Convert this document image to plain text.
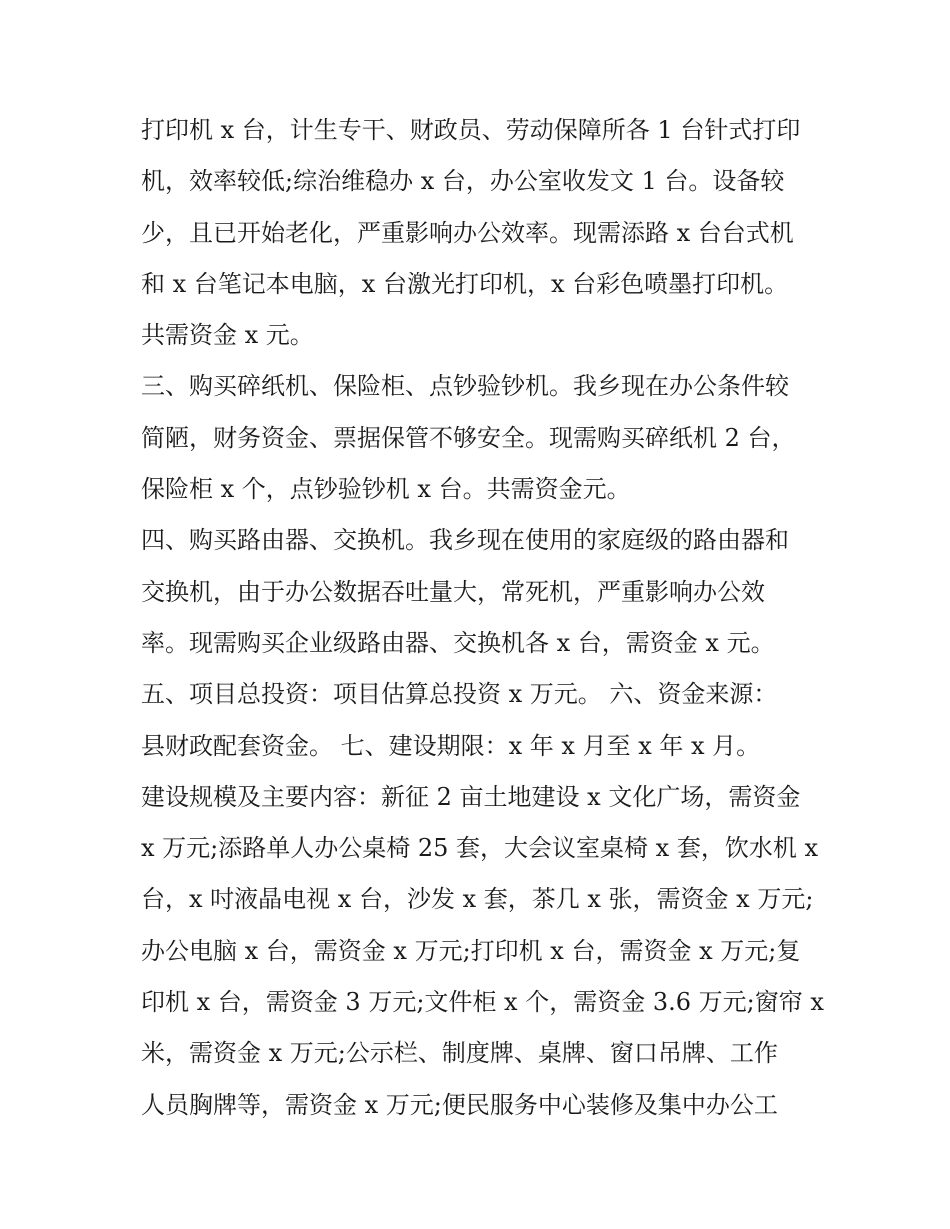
打印机 x 台，计生专干、财政员、劳动保障所各 1 台针式打印
机，效率较低;综治维稳办 x 台，办公室收发文 1 台。设备较
少，且已开始老化，严重影响办公效率。现需添路 x 台台式机
和 x 台笔记本电脑，x 台激光打印机，x 台彩色喷墨打印机。
共需资金 x 元。
三、购买碎纸机、保险柜、点钞验钞机。我乡现在办公条件较
简陋，财务资金、票据保管不够安全。现需购买碎纸机 2 台，
保险柜 x 个，点钞验钞机 x 台。共需资金元。
四、购买路由器、交换机。我乡现在使用的家庭级的路由器和
交换机，由于办公数据吞吐量大，常死机，严重影响办公效
率。现需购买企业级路由器、交换机各 x 台，需资金 x 元。
五、项目总投资：项目估算总投资 x 万元。 六、资金来源：
县财政配套资金。 七、建设期限：x 年 x 月至 x 年 x 月。
建设规模及主要内容：新征 2 亩土地建设 x 文化广场，需资金
x 万元;添路单人办公桌椅 25 套，大会议室桌椅 x 套，饮水机 x
台，x 吋液晶电视 x 台，沙发 x 套，茶几 x 张，需资金 x 万元;
办公电脑 x 台，需资金 x 万元;打印机 x 台，需资金 x 万元;复
印机 x 台，需资金 3 万元;文件柜 x 个，需资金 3.6 万元;窗帘 x
米，需资金 x 万元;公示栏、制度牌、桌牌、窗口吊牌、工作
人员胸牌等，需资金 x 万元;便民服务中心装修及集中办公工
